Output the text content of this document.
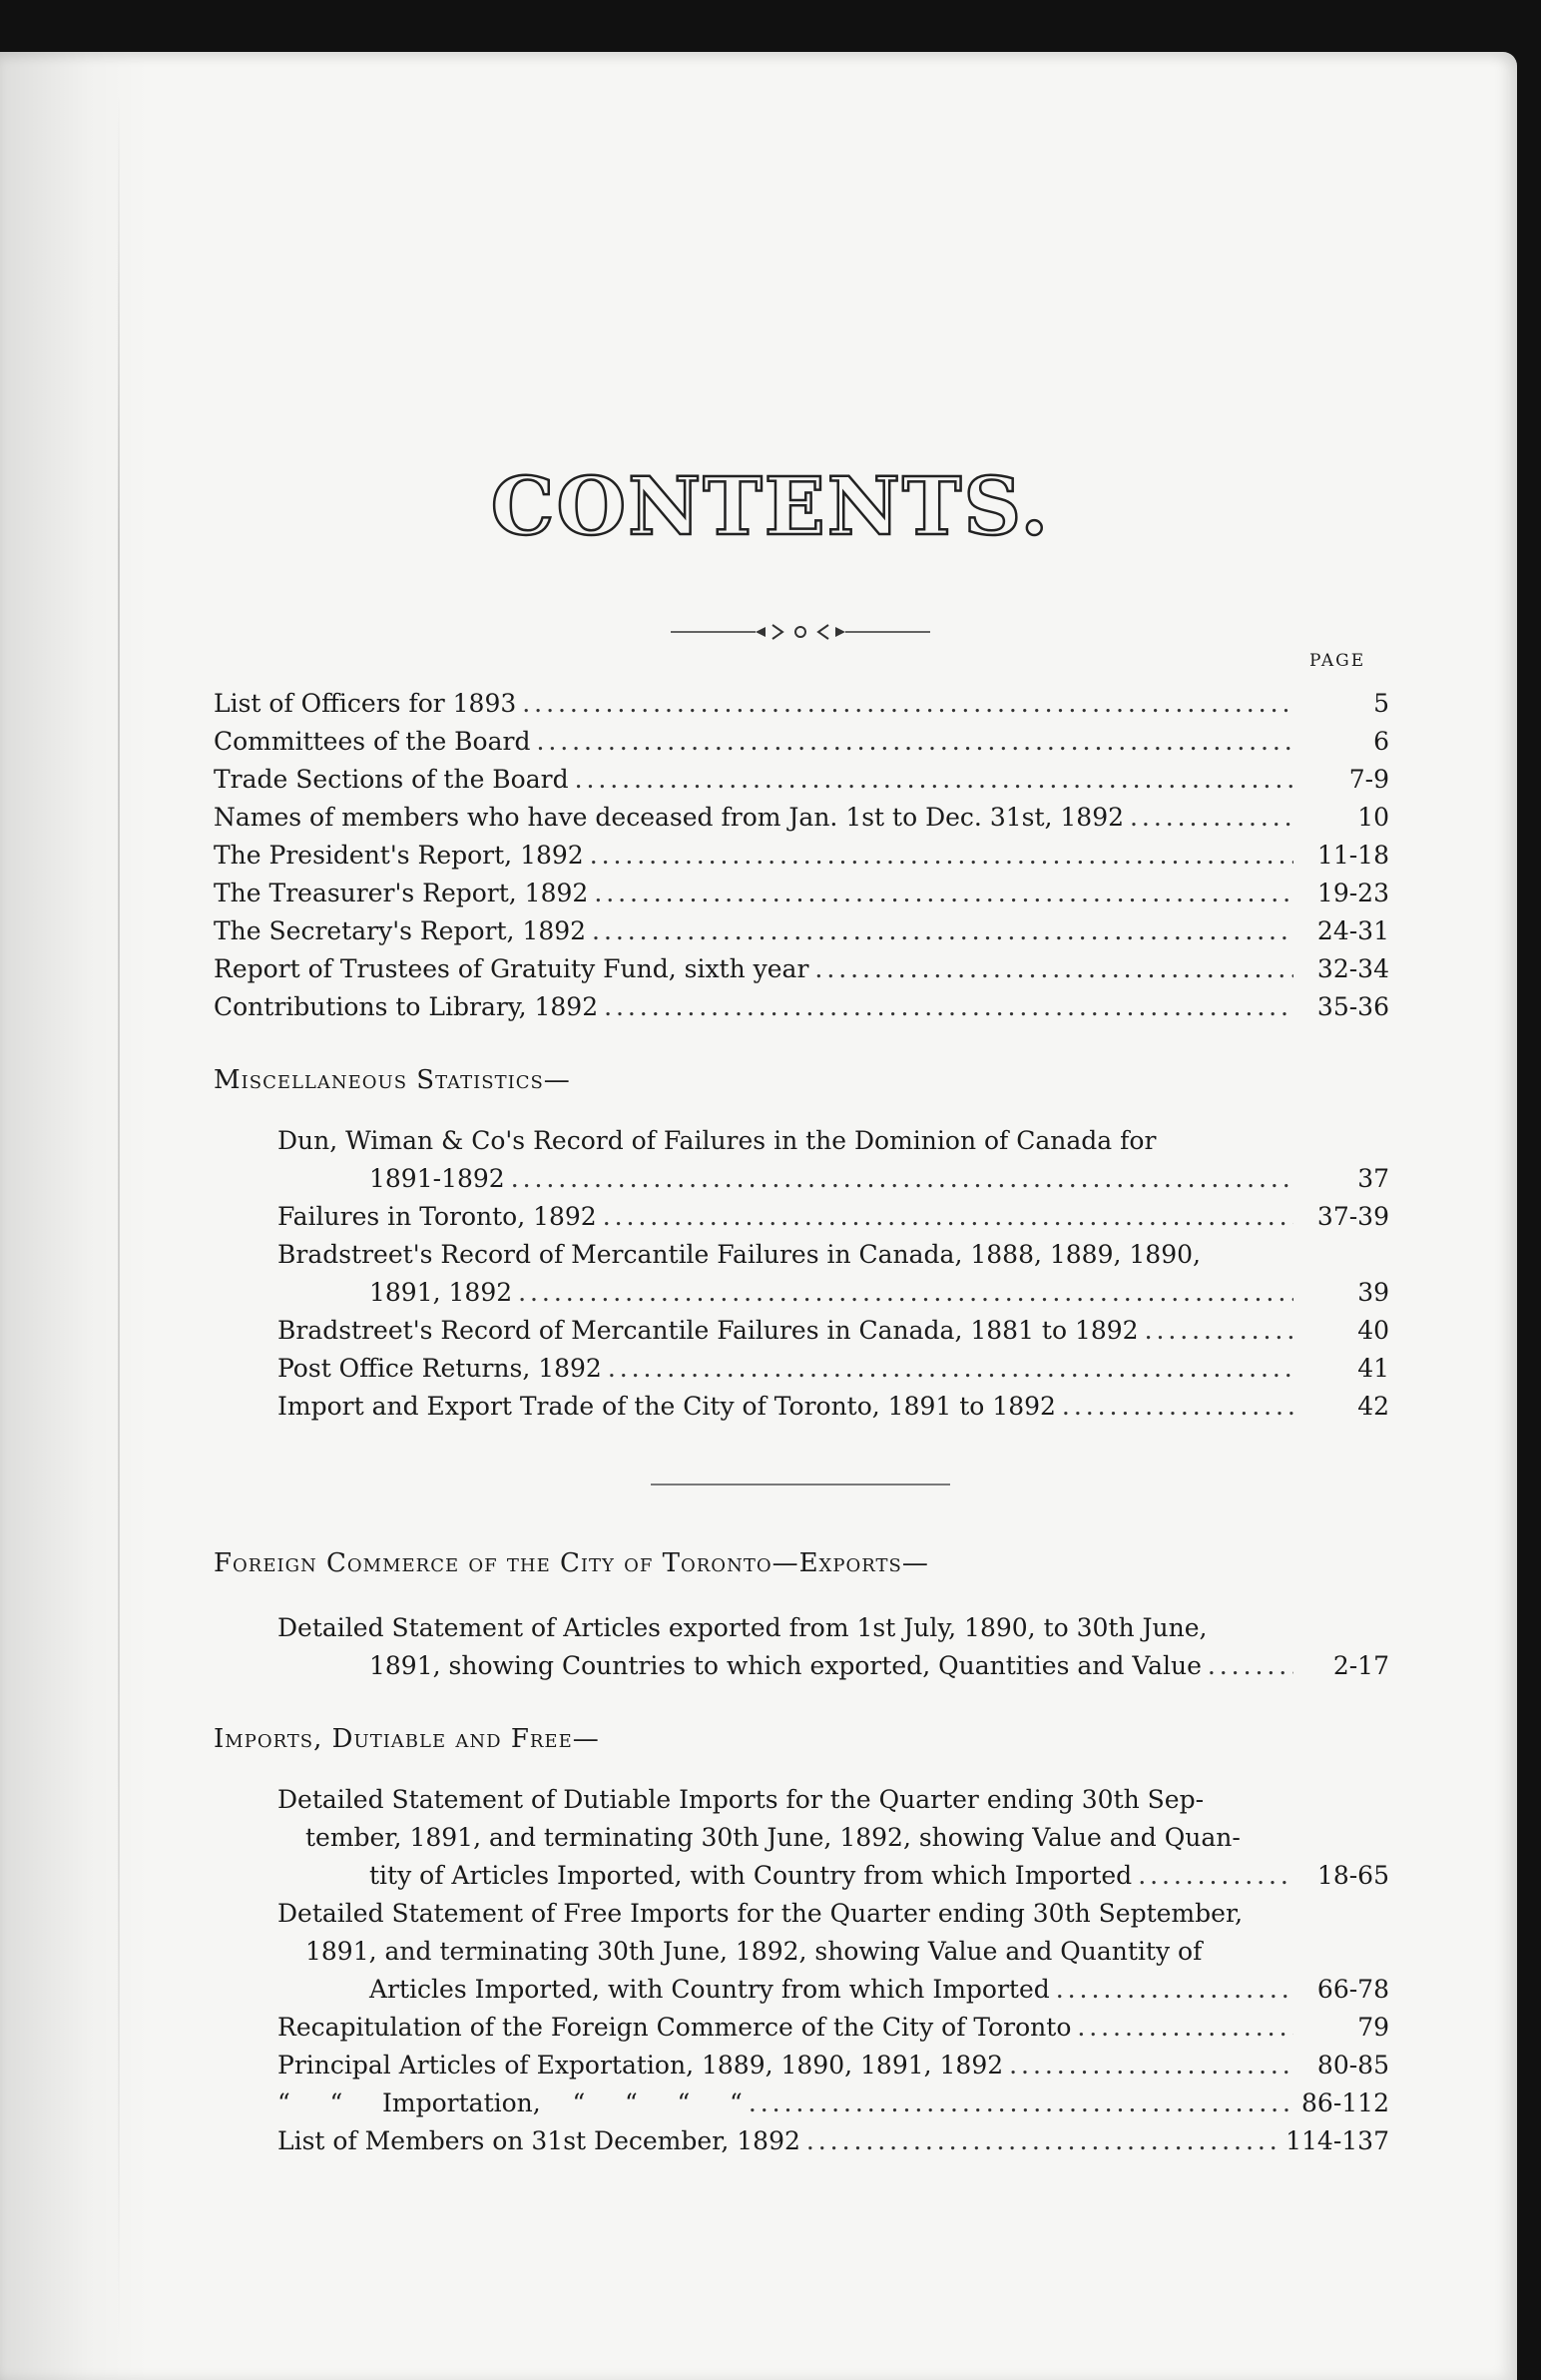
CONTENTS.
PAGE
List of Officers for 1893 . . .	5
Committees of the Board . . .	6
Trade Sections of the Board . . .	7-9
Names of members who have deceased from Jan. 1st to Dec. 31st, 1892 . . .	10
The President's Report, 1892 . . .	11-18
The Treasurer's Report, 1892 . . .	19-23
The Secretary's Report, 1892 . . .	24-31
Report of Trustees of Gratuity Fund, sixth year . . .	32-34
Contributions to Library, 1892 . . .	35-36
Miscellaneous Statistics—
Dun, Wiman & Co's Record of Failures in the Dominion of Canada for
1891-1892 . . .	37
Failures in Toronto, 1892 . . .	37-39
Bradstreet's Record of Mercantile Failures in Canada, 1888, 1889, 1890,
1891, 1892 . . .	39
Bradstreet's Record of Mercantile Failures in Canada, 1881 to 1892 . . .	40
Post Office Returns, 1892 . . .	41
Import and Export Trade of the City of Toronto, 1891 to 1892 . . .	42
Foreign Commerce of the City of Toronto—Exports—
Detailed Statement of Articles exported from 1st July, 1890, to 30th June,
1891, showing Countries to which exported, Quantities and Value . . .	2-17
Imports, Dutiable and Free—
Detailed Statement of Dutiable Imports for the Quarter ending 30th Sep-
tember, 1891, and terminating 30th June, 1892, showing Value and Quan-
tity of Articles Imported, with Country from which Imported . . .	18-65
Detailed Statement of Free Imports for the Quarter ending 30th September,
1891, and terminating 30th June, 1892, showing Value and Quantity of
Articles Imported, with Country from which Imported . . .	66-78
Recapitulation of the Foreign Commerce of the City of Toronto . . .	79
Principal Articles of Exportation, 1889, 1890, 1891, 1892 . . .	80-85
“     “     Importation,    “     “     “     “ . . .	86-112
List of Members on 31st December, 1892 . . .	114-137
